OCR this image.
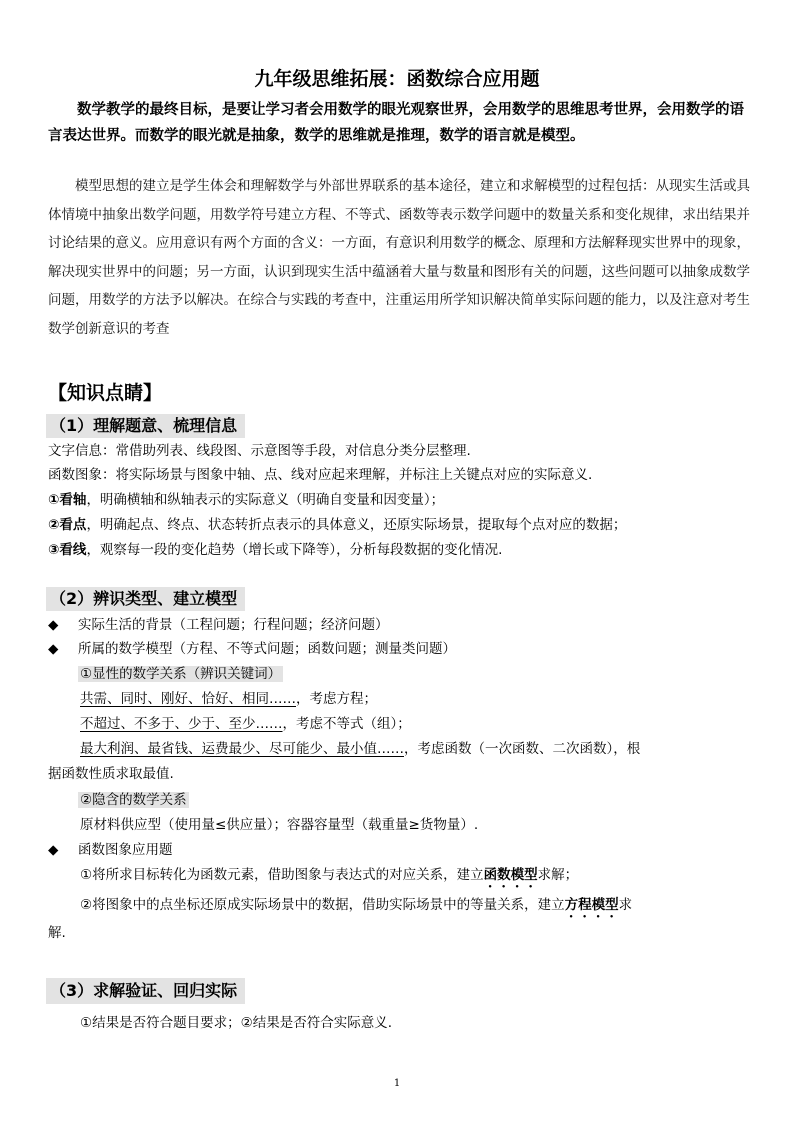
九年级思维拓展：函数综合应用题

数学教学的最终目标，是要让学习者会用数学的眼光观察世界，会用数学的思维思考世界，会用数学的语言表达世界。而数学的眼光就是抽象，数学的思维就是推理，数学的语言就是模型。

模型思想的建立是学生体会和理解数学与外部世界联系的基本途径，建立和求解模型的过程包括：从现实生活或具体情境中抽象出数学问题，用数学符号建立方程、不等式、函数等表示数学问题中的数量关系和变化规律，求出结果并讨论结果的意义。应用意识有两个方面的含义：一方面，有意识利用数学的概念、原理和方法解释现实世界中的现象，解决现实世界中的问题；另一方面，认识到现实生活中蕴涵着大量与数量和图形有关的问题，这些问题可以抽象成数学问题，用数学的方法予以解决。在综合与实践的考查中，注重运用所学知识解决简单实际问题的能力，以及注意对考生数学创新意识的考查

【知识点睛】
（1）理解题意、梳理信息
文字信息：常借助列表、线段图、示意图等手段，对信息分类分层整理.
函数图象：将实际场景与图象中轴、点、线对应起来理解，并标注上关键点对应的实际意义.
①看轴，明确横轴和纵轴表示的实际意义（明确自变量和因变量）；
②看点，明确起点、终点、状态转折点表示的具体意义，还原实际场景，提取每个点对应的数据；
③看线，观察每一段的变化趋势（增长或下降等），分析每段数据的变化情况.
（2）辨识类型、建立模型
◆ 实际生活的背景（工程问题；行程问题；经济问题）
◆ 所属的数学模型（方程、不等式问题；函数问题；测量类问题）
①显性的数学关系（辨识关键词）
共需、同时、刚好、恰好、相同……，考虑方程；
不超过、不多于、少于、至少……，考虑不等式（组）；
最大利润、最省钱、运费最少、尽可能少、最小值……，考虑函数（一次函数、二次函数），根
据函数性质求取最值.
②隐含的数学关系
原材料供应型（使用量≤供应量）；容器容量型（载重量≥货物量）.
◆ 函数图象应用题
①将所求目标转化为函数元素，借助图象与表达式的对应关系，建立函数模型求解；
②将图象中的点坐标还原成实际场景中的数据，借助实际场景中的等量关系，建立方程模型求
解.
（3）求解验证、回归实际
①结果是否符合题目要求；②结果是否符合实际意义.
1
